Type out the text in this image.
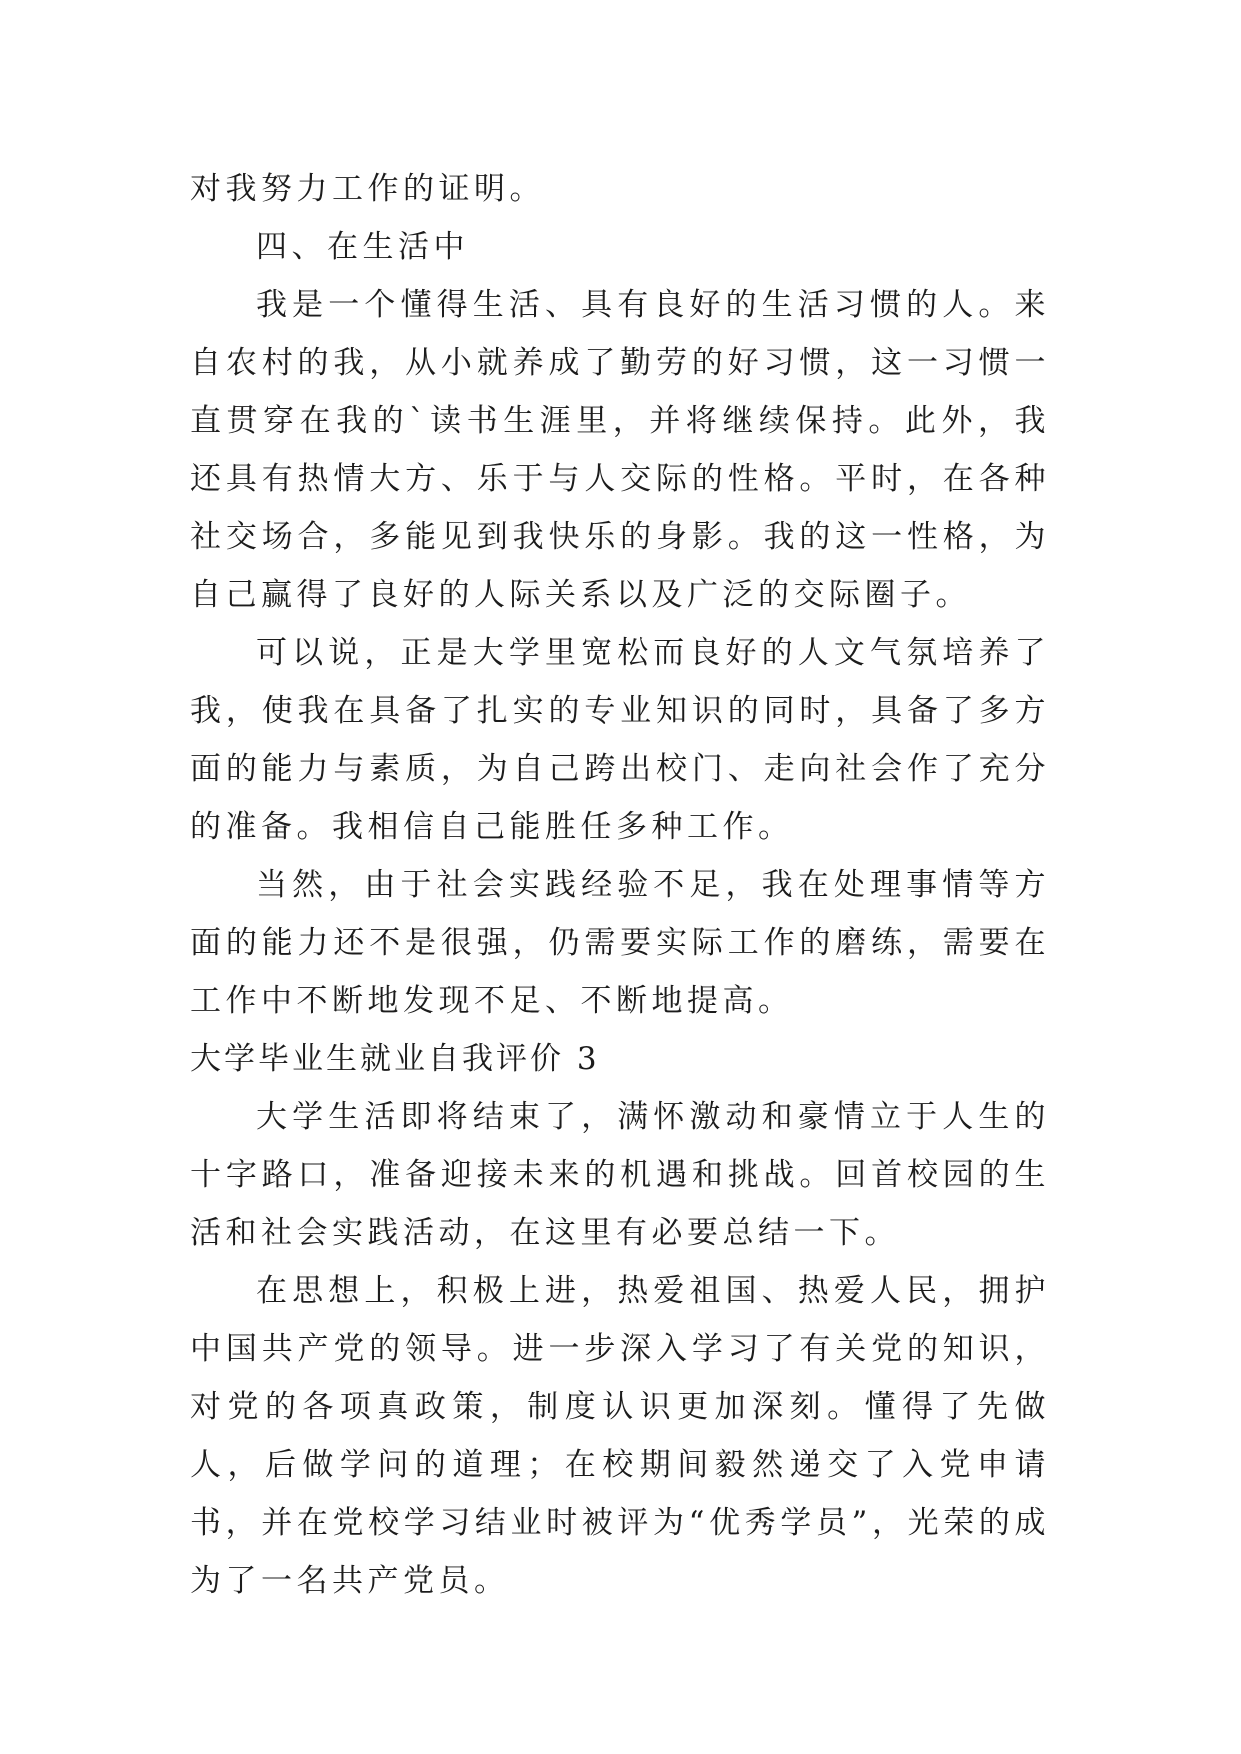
对我努力工作的证明。

四、在生活中

我是一个懂得生活、具有良好的生活习惯的人。来自农村的我，从小就养成了勤劳的好习惯，这一习惯一直贯穿在我的`读书生涯里，并将继续保持。此外，我还具有热情大方、乐于与人交际的性格。平时，在各种社交场合，多能见到我快乐的身影。我的这一性格，为自己赢得了良好的人际关系以及广泛的交际圈子。

可以说，正是大学里宽松而良好的人文气氛培养了我，使我在具备了扎实的专业知识的同时，具备了多方面的能力与素质，为自己跨出校门、走向社会作了充分的准备。我相信自己能胜任多种工作。

当然，由于社会实践经验不足，我在处理事情等方面的能力还不是很强，仍需要实际工作的磨练，需要在工作中不断地发现不足、不断地提高。

大学毕业生就业自我评价 3

大学生活即将结束了，满怀激动和豪情立于人生的十字路口，准备迎接未来的机遇和挑战。回首校园的生活和社会实践活动，在这里有必要总结一下。

在思想上，积极上进，热爱祖国、热爱人民，拥护中国共产党的领导。进一步深入学习了有关党的知识，对党的各项真政策，制度认识更加深刻。懂得了先做人，后做学问的道理；在校期间毅然递交了入党申请书，并在党校学习结业时被评为“优秀学员”，光荣的成为了一名共产党员。
